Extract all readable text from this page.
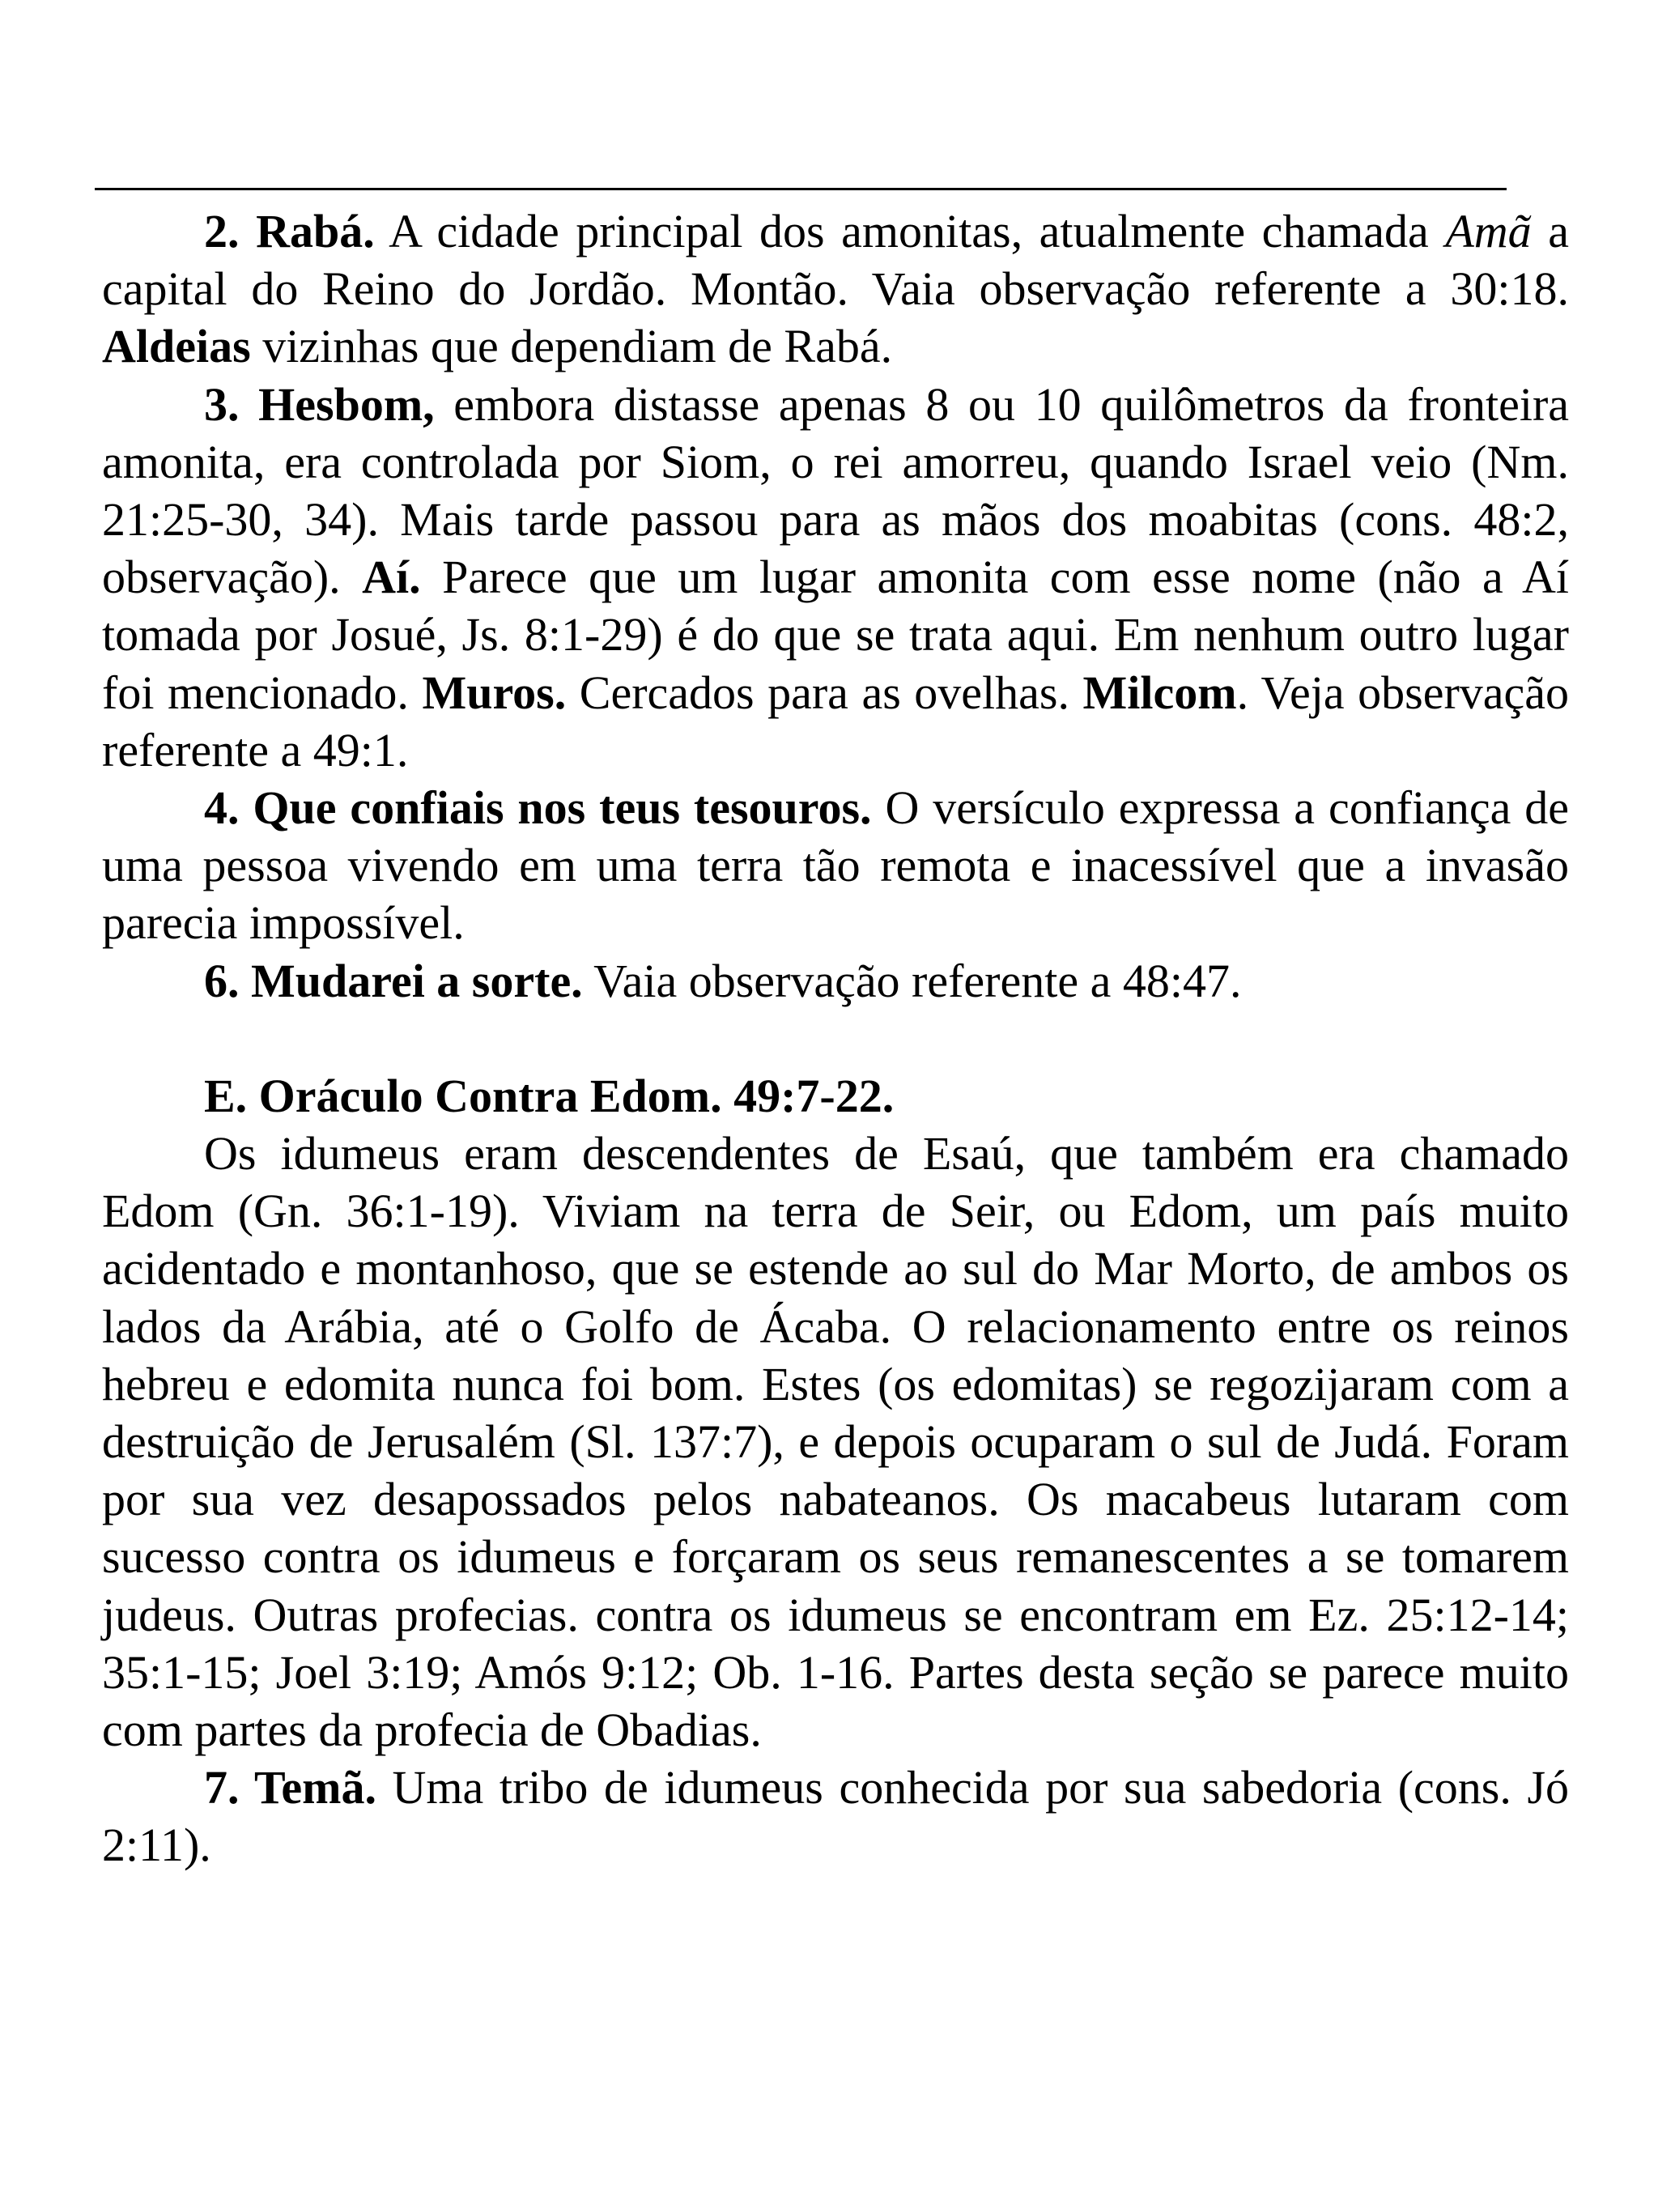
2. Rabá. A cidade principal dos amonitas, atualmente chamada Amã a capital do Reino do Jordão. Montão. Vaia observação referente a 30:18. Aldeias vizinhas que dependiam de Rabá.

3. Hesbom, embora distasse apenas 8 ou 10 quilômetros da fronteira amonita, era controlada por Siom, o rei amorreu, quando Israel veio (Nm. 21:25-30, 34). Mais tarde passou para as mãos dos moabitas (cons. 48:2, observação). Aí. Parece que um lugar amonita com esse nome (não a Aí tomada por Josué, Js. 8:1-29) é do que se trata aqui. Em nenhum outro lugar foi mencionado. Muros. Cercados para as ovelhas. Milcom. Veja observação referente a 49:1.

4. Que confiais nos teus tesouros. O versículo expressa a confiança de uma pessoa vivendo em uma terra tão remota e inacessível que a invasão parecia impossível.

6. Mudarei a sorte. Vaia observação referente a 48:47.

E. Oráculo Contra Edom. 49:7-22.

Os idumeus eram descendentes de Esaú, que também era chamado Edom (Gn. 36:1-19). Viviam na terra de Seir, ou Edom, um país muito acidentado e montanhoso, que se estende ao sul do Mar Morto, de ambos os lados da Arábia, até o Golfo de Ácaba. O relacionamento entre os reinos hebreu e edomita nunca foi bom. Estes (os edomitas) se regozijaram com a destruição de Jerusalém (Sl. 137:7), e depois ocuparam o sul de Judá. Foram por sua vez desapossados pelos nabateanos. Os macabeus lutaram com sucesso contra os idumeus e forçaram os seus remanescentes a se tomarem judeus. Outras profecias. contra os idumeus se encontram em Ez. 25:12-14; 35:1-15; Joel 3:19; Amós 9:12; Ob. 1-16. Partes desta seção se parece muito com partes da profecia de Obadias.

7. Temã. Uma tribo de idumeus conhecida por sua sabedoria (cons. Jó 2:11).
